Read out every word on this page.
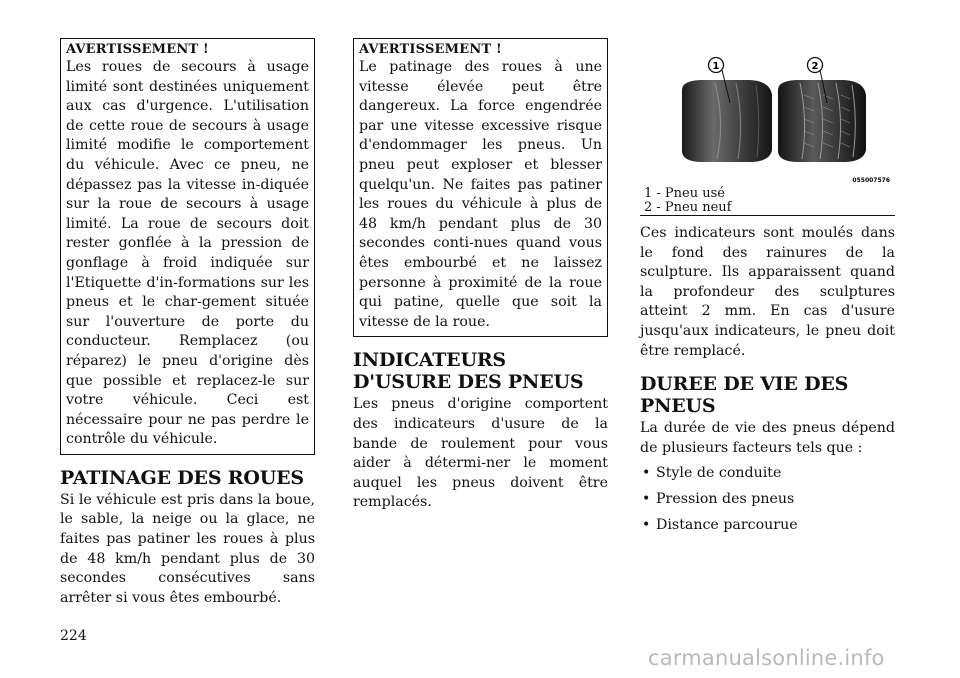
AVERTISSEMENT !

Les roues de secours à usage limité sont destinées uniquement aux cas d'urgence. L'utilisation de cette roue de secours à usage limité modifie le comportement du véhicule. Avec ce pneu, ne dépassez pas la vitesse in-diquée sur la roue de secours à usage limité. La roue de secours doit rester gonflée à la pression de gonflage à froid indiquée sur l'Etiquette d'in-formations sur les pneus et le char-gement située sur l'ouverture de porte du conducteur. Remplacez (ou réparez) le pneu d'origine dès que possible et replacez-le sur votre véhicule. Ceci est nécessaire pour ne pas perdre le contrôle du véhicule.

PATINAGE DES ROUES

Si le véhicule est pris dans la boue, le sable, la neige ou la glace, ne faites pas patiner les roues à plus de 48 km/h pendant plus de 30 secondes consécutives sans arrêter si vous êtes embourbé.

AVERTISSEMENT !

Le patinage des roues à une vitesse élevée peut être dangereux. La force engendrée par une vitesse excessive risque d'endommager les pneus. Un pneu peut exploser et blesser quelqu'un. Ne faites pas patiner les roues du véhicule à plus de 48 km/h pendant plus de 30 secondes conti-nues quand vous êtes embourbé et ne laissez personne à proximité de la roue qui patine, quelle que soit la vitesse de la roue.

INDICATEURS D'USURE DES PNEUS

Les pneus d'origine comportent des indicateurs d'usure de la bande de roulement pour vous aider à détermi-ner le moment auquel les pneus doivent être remplacés.

1	2
055007576
1 - Pneu usé
2 - Pneu neuf

Ces indicateurs sont moulés dans le fond des rainures de la sculpture. Ils apparaissent quand la profondeur des sculptures atteint 2 mm. En cas d'usure jusqu'aux indicateurs, le pneu doit être remplacé.

DUREE DE VIE DES PNEUS

La durée de vie des pneus dépend de plusieurs facteurs tels que :

• Style de conduite
• Pression des pneus
• Distance parcourue
224
carmanualsonline.info
